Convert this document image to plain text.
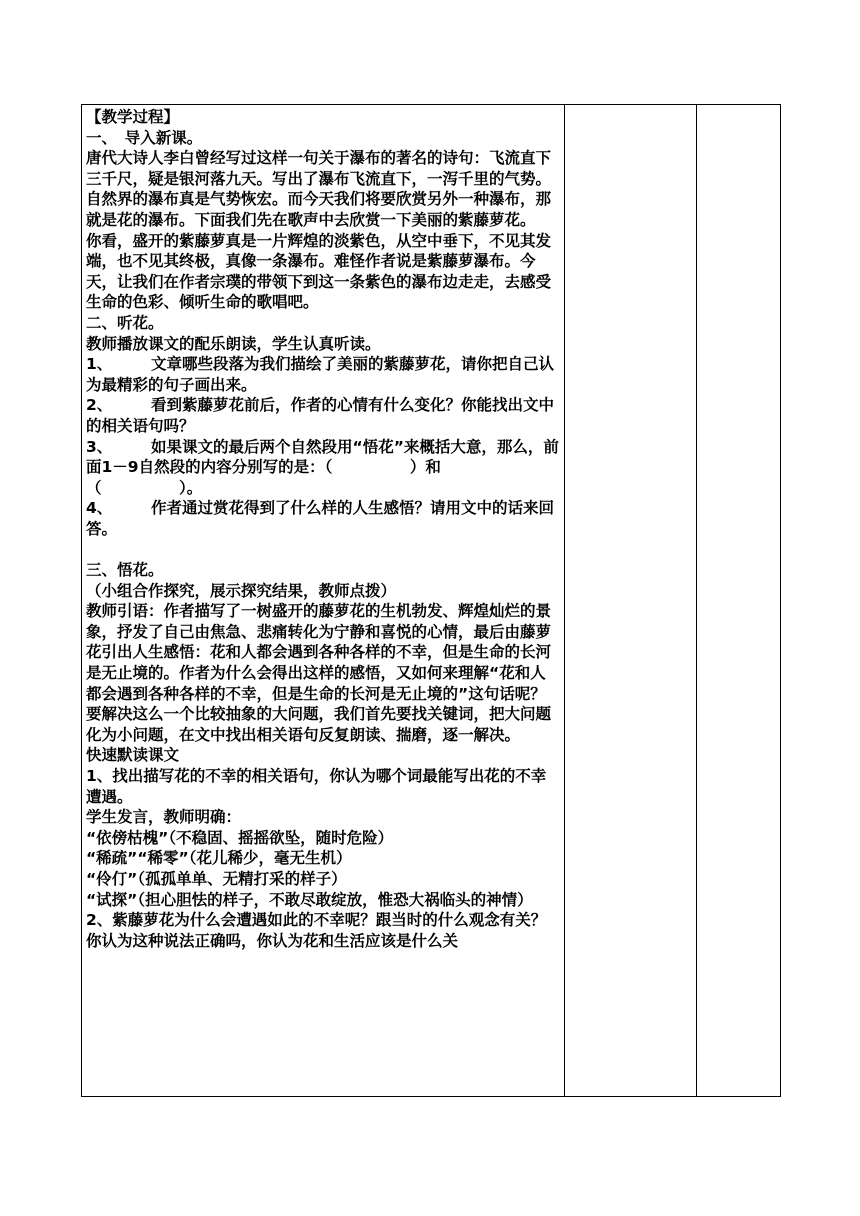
【教学过程】

一、　导入新课。

唐代大诗人李白曾经写过这样一句关于瀑布的著名的诗句：飞流直下三千尺，疑是银河落九天。写出了瀑布飞流直下，一泻千里的气势。自然界的瀑布真是气势恢宏。而今天我们将要欣赏另外一种瀑布，那就是花的瀑布。下面我们先在歌声中去欣赏一下美丽的紫藤萝花。

你看，盛开的紫藤萝真是一片辉煌的淡紫色，从空中垂下，不见其发端，也不见其终极，真像一条瀑布。难怪作者说是紫藤萝瀑布。今天，让我们在作者宗璞的带领下到这一条紫色的瀑布边走走，去感受生命的色彩、倾听生命的歌唱吧。

二、听花。

教师播放课文的配乐朗读，学生认真听读。

1、　　　文章哪些段落为我们描绘了美丽的紫藤萝花，请你把自己认为最精彩的句子画出来。

2、　　　看到紫藤萝花前后，作者的心情有什么变化？你能找出文中的相关语句吗？

3、　　　如果课文的最后两个自然段用“悟花”来概括大意，那么，前面1－9自然段的内容分别写的是：（　　　　　）和　（　　　　　）。

4、　　　作者通过赏花得到了什么样的人生感悟？请用文中的话来回答。

三、悟花。

（小组合作探究，展示探究结果，教师点拨）

教师引语：作者描写了一树盛开的藤萝花的生机勃发、辉煌灿烂的景象，抒发了自己由焦急、悲痛转化为宁静和喜悦的心情，最后由藤萝花引出人生感悟：花和人都会遇到各种各样的不幸，但是生命的长河是无止境的。作者为什么会得出这样的感悟，又如何来理解“花和人都会遇到各种各样的不幸，但是生命的长河是无止境的”这句话呢？要解决这么一个比较抽象的大问题，我们首先要找关键词，把大问题化为小问题，在文中找出相关语句反复朗读、揣磨，逐一解决。

快速默读课文

1、找出描写花的不幸的相关语句，你认为哪个词最能写出花的不幸遭遇。

学生发言，教师明确：

“依傍枯槐”（不稳固、摇摇欲坠，随时危险）

“稀疏”“稀零”（花儿稀少，毫无生机）

“伶仃”（孤孤单单、无精打采的样子）

“试探”（担心胆怯的样子，不敢尽敢绽放，惟恐大祸临头的神情）

2、紫藤萝花为什么会遭遇如此的不幸呢？跟当时的什么观念有关？你认为这种说法正确吗，你认为花和生活应该是什么关
